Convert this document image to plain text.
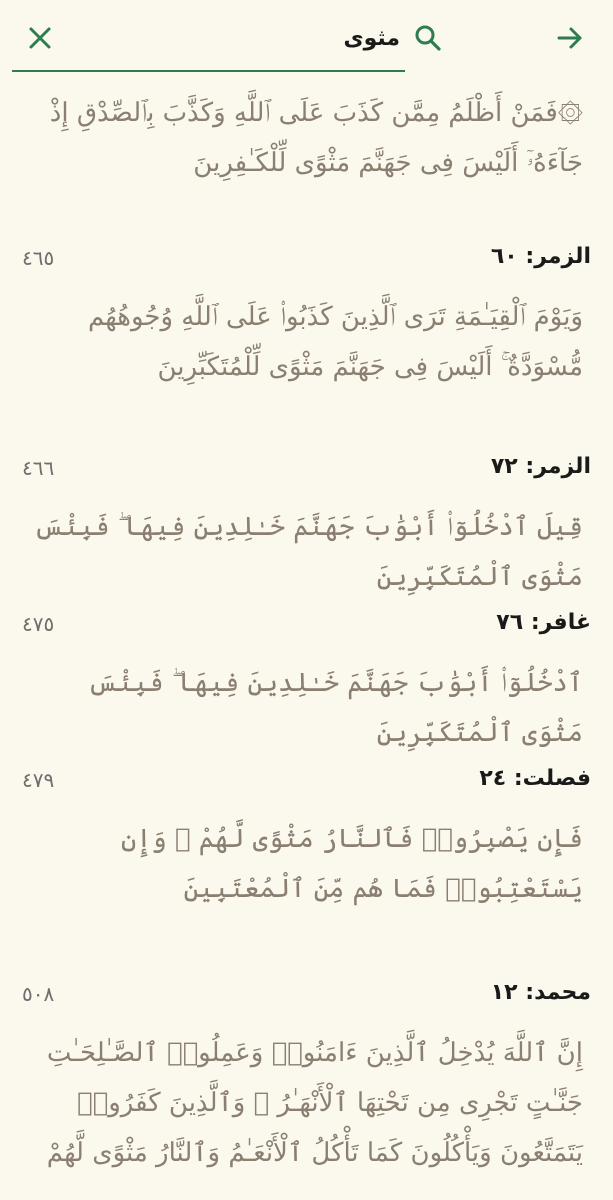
مثوى
۞فَمَنْ أَظْلَمُ مِمَّن كَذَبَ عَلَى ٱللَّهِ وَكَذَّبَ بِٱلصِّدْقِ إِذْ جَآءَهُۥٓ أَلَيْسَ فِى جَهَنَّمَ مَثْوًى لِّلْكَـٰفِرِينَ
الزمر: ٦٠
٤٦٥
وَيَوْمَ ٱلْقِيَـٰمَةِ تَرَى ٱلَّذِينَ كَذَبُوا۟ عَلَى ٱللَّهِ وُجُوهُهُم مُّسْوَدَّةٌ ۚ أَلَيْسَ فِى جَهَنَّمَ مَثْوًى لِّلْمُتَكَبِّرِينَ
الزمر: ٧٢
٤٦٦
قِيلَ ٱدْخُلُوٓا۟ أَبْوَٰبَ جَهَنَّمَ خَـٰلِدِينَ فِيهَا ۖ فَبِئْسَ مَثْوَى ٱلْمُتَكَبِّرِينَ
غافر: ٧٦
٤٧٥
ٱدْخُلُوٓا۟ أَبْوَٰبَ جَهَنَّمَ خَـٰلِدِينَ فِيهَا ۖ فَبِئْسَ مَثْوَى ٱلْمُتَكَبِّرِينَ
فصلت: ٢٤
٤٧٩
فَإِن يَصْبِرُوا۟ فَٱلنَّارُ مَثْوًى لَّهُمْ ۖ وَإِن يَسْتَعْتِبُوا۟ فَمَا هُم مِّنَ ٱلْمُعْتَبِينَ
محمد: ١٢
٥٠٨
إِنَّ ٱللَّهَ يُدْخِلُ ٱلَّذِينَ ءَامَنُوا۟ وَعَمِلُوا۟ ٱلصَّـٰلِحَـٰتِ جَنَّـٰتٍ تَجْرِى مِن تَحْتِهَا ٱلْأَنْهَـٰرُ ۖ وَٱلَّذِينَ كَفَرُوا۟ يَتَمَتَّعُونَ وَيَأْكُلُونَ كَمَا تَأْكُلُ ٱلْأَنْعَـٰمُ وَٱلنَّارُ مَثْوًى لَّهُمْ
